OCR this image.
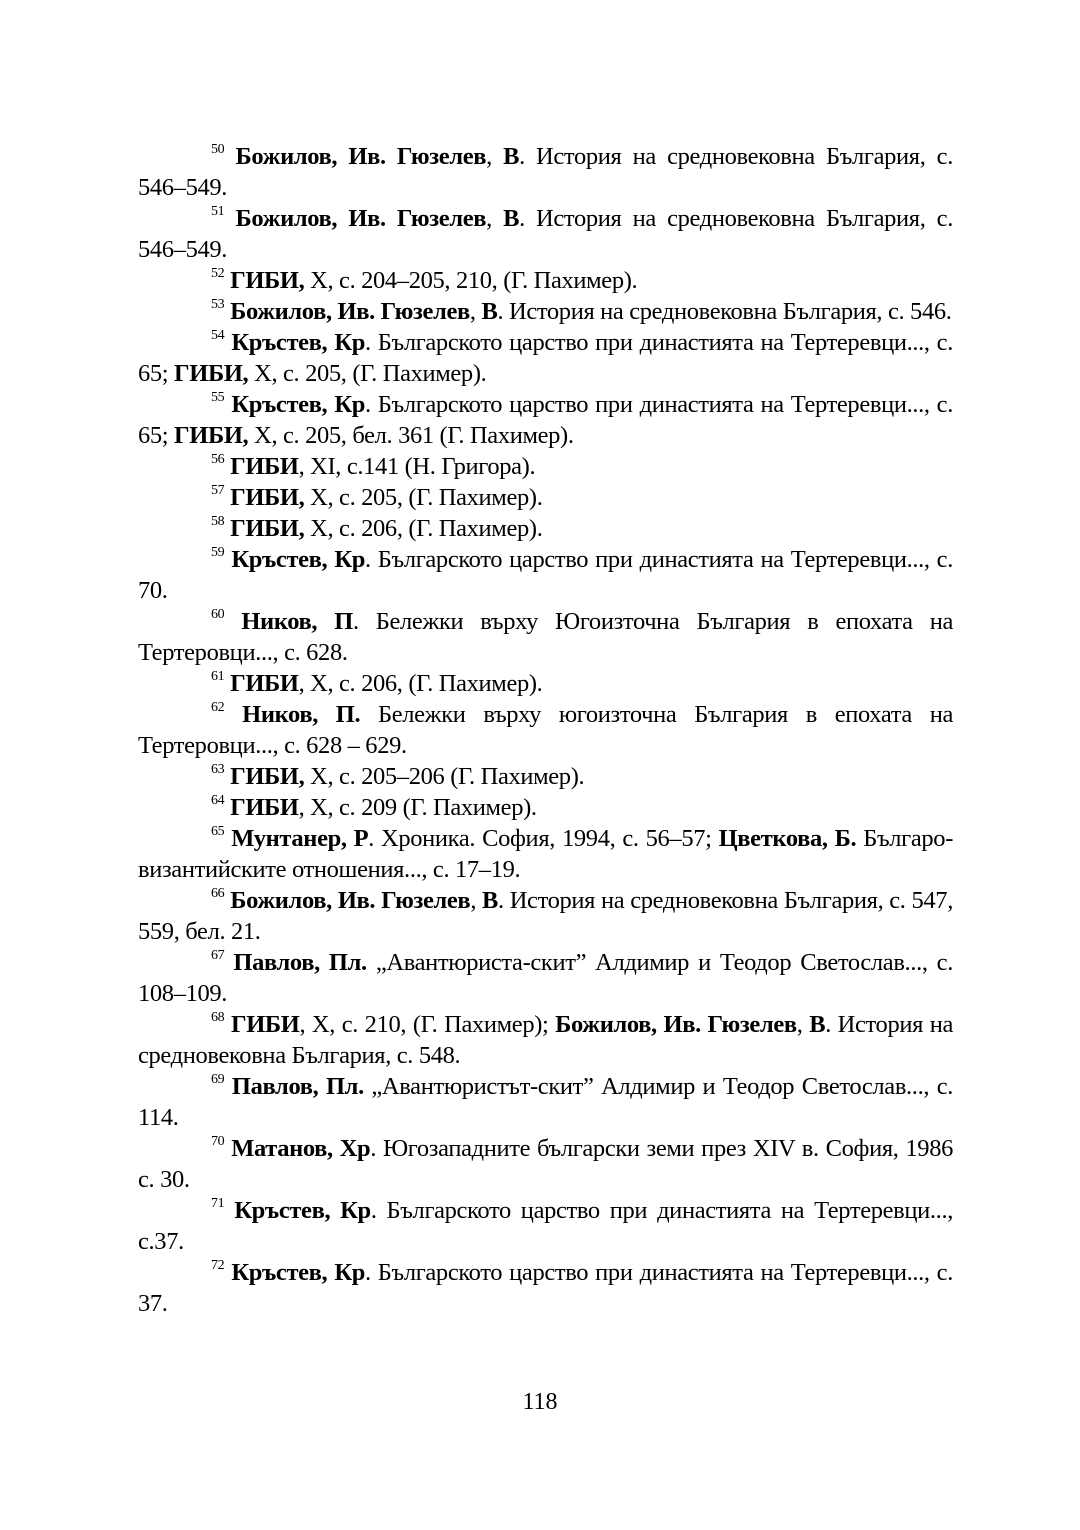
$^{50}$ Божилов, Ив. Гюзелев, В. История на средновековна България, с. 546–549.

$^{51}$ Божилов, Ив. Гюзелев, В. История на средновековна България, с. 546–549.

$^{52}$ ГИБИ, X, с. 204–205, 210, (Г. Пахимер).

$^{53}$ Божилов, Ив. Гюзелев, В. История на средновековна България, с. 546.

$^{54}$ Кръстев, Кр. Българското царство при династията на Тертеревци..., с. 65; ГИБИ, X, с. 205, (Г. Пахимер).

$^{55}$ Кръстев, Кр. Българското царство при династията на Тертеревци..., с. 65; ГИБИ, X, с. 205, бел. 361 (Г. Пахимер).

$^{56}$ ГИБИ, XI, с.141 (Н. Григора).

$^{57}$ ГИБИ, X, с. 205, (Г. Пахимер).

$^{58}$ ГИБИ, X, с. 206, (Г. Пахимер).

$^{59}$ Кръстев, Кр. Българското царство при династията на Тертеревци..., с. 70.

$^{60}$ Ников, П. Бележки върху Югоизточна България в епохата на Тертеровци..., с. 628.

$^{61}$ ГИБИ, X, с. 206, (Г. Пахимер).

$^{62}$ Ников, П. Бележки върху югоизточна България в епохата на Тертеровци..., с. 628 – 629.

$^{63}$ ГИБИ, X, с. 205–206 (Г. Пахимер).

$^{64}$ ГИБИ, X, с. 209 (Г. Пахимер).

$^{65}$ Мунтанер, Р. Хроника. София, 1994, с. 56–57; Цветкова, Б. Българо-византийските отношения..., с. 17–19.

$^{66}$ Божилов, Ив. Гюзелев, В. История на средновековна България, с. 547, 559, бел. 21.

$^{67}$ Павлов, Пл. „Авантюриста-скит” Алдимир и Теодор Светослав..., с. 108–109.

$^{68}$ ГИБИ, X, с. 210, (Г. Пахимер); Божилов, Ив. Гюзелев, В. История на средновековна България, с. 548.

$^{69}$ Павлов, Пл. „Авантюристът-скит” Алдимир и Теодор Светослав..., с. 114.

$^{70}$ Матанов, Хр. Югозападните български земи през XIV в. София, 1986 с. 30.

$^{71}$ Кръстев, Кр. Българското царство при династията на Тертеревци..., с.37.

$^{72}$ Кръстев, Кр. Българското царство при династията на Тертеревци..., с. 37.

118
